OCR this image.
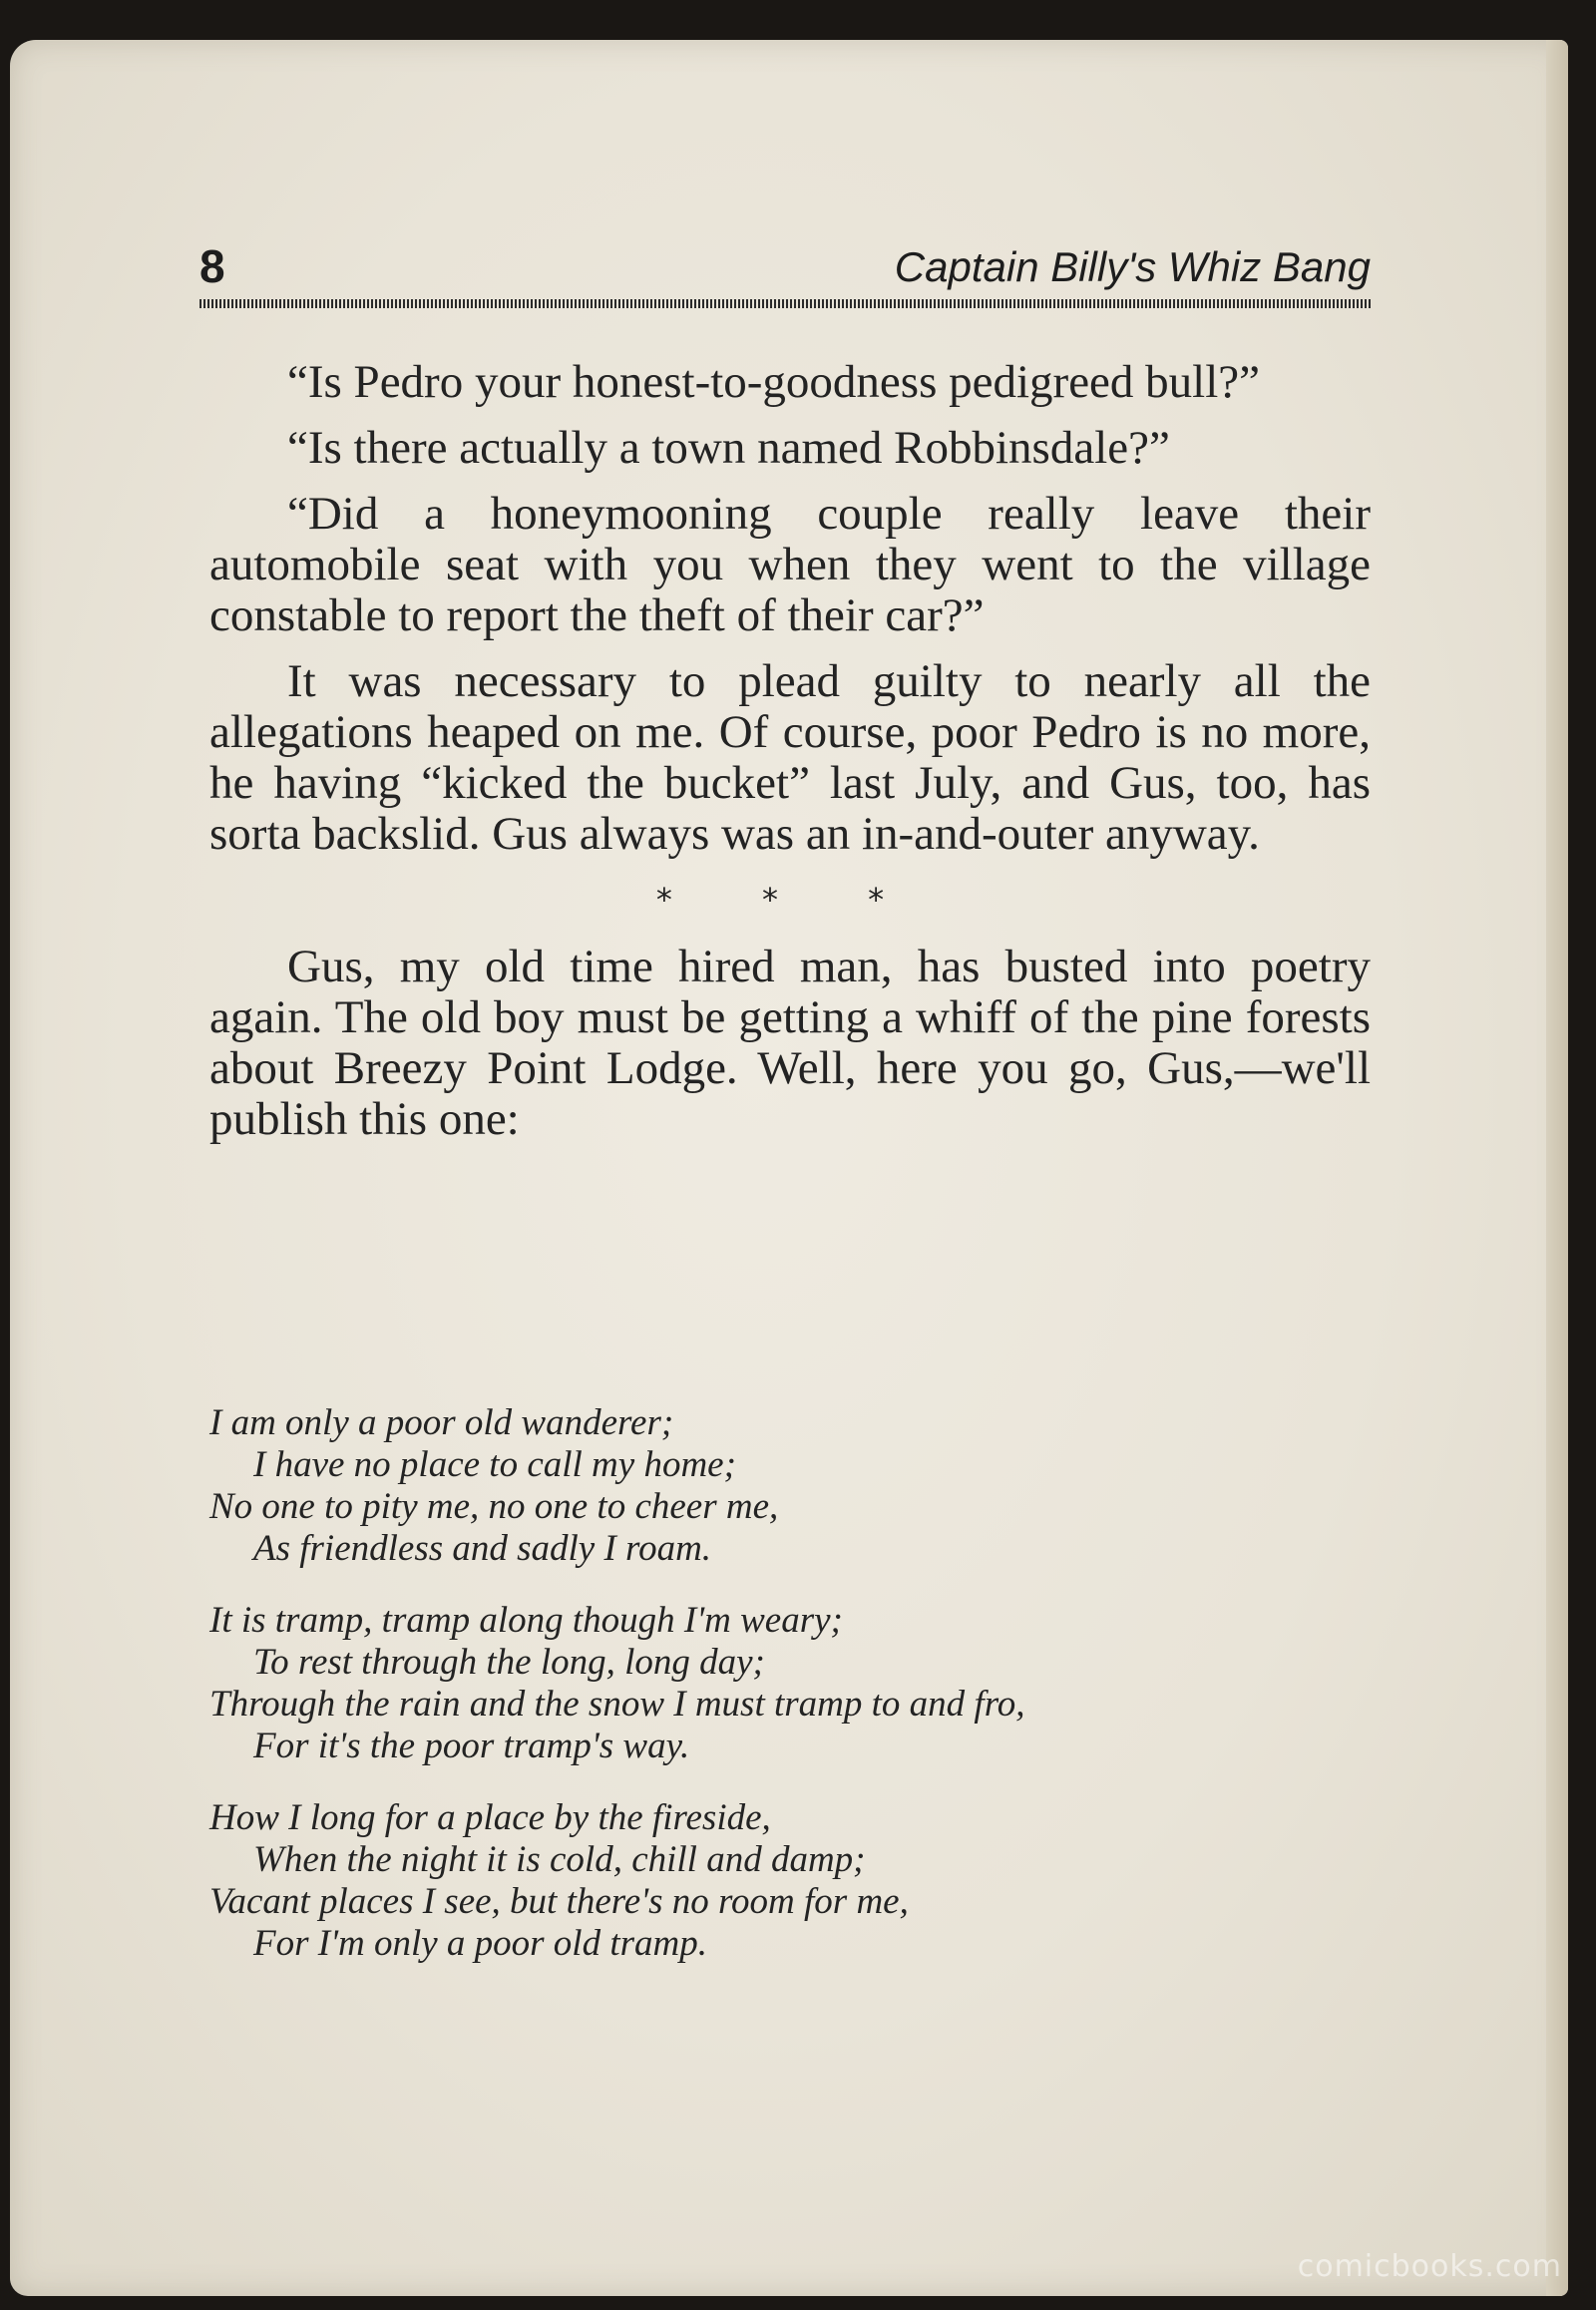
8	Captain Billy's Whiz Bang

“Is Pedro your honest-to-goodness pedigreed bull?”

“Is there actually a town named Robbinsdale?”

“Did a honeymooning couple really leave their automobile seat with you when they went to the village constable to report the theft of their car?”

It was necessary to plead guilty to nearly all the allegations heaped on me. Of course, poor Pedro is no more, he having “kicked the bucket” last July, and Gus, too, has sorta backslid. Gus always was an in-and-outer anyway.

* * *

Gus, my old time hired man, has busted into poetry again. The old boy must be getting a whiff of the pine forests about Breezy Point Lodge. Well, here you go, Gus,—we'll publish this one:

I am only a poor old wanderer;
I have no place to call my home;
No one to pity me, no one to cheer me,
As friendless and sadly I roam.
It is tramp, tramp along though I'm weary;
To rest through the long, long day;
Through the rain and the snow I must tramp to and fro,
For it's the poor tramp's way.
How I long for a place by the fireside,
When the night it is cold, chill and damp;
Vacant places I see, but there's no room for me,
For I'm only a poor old tramp.
comicbooks.com
